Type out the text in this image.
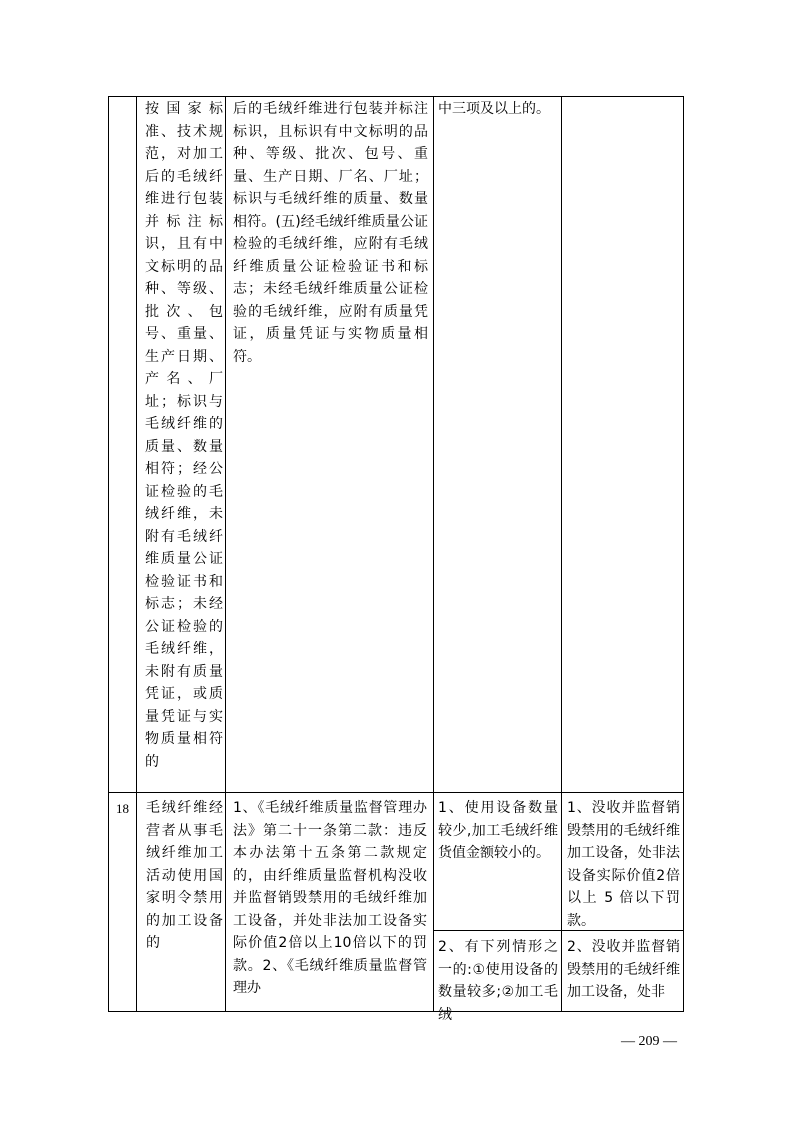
按国家标准、技术规范，对加工后的毛绒纤维进行包装并标注标识，且有中文标明的品种、等级、批次、包号、重量、生产日期、产名、厂址；标识与毛绒纤维的质量、数量相符；经公证检验的毛绒纤维，未附有毛绒纤维质量公证检验证书和标志；未经公证检验的毛绒纤维，未附有质量凭证，或质量凭证与实物质量相符的
后的毛绒纤维进行包装并标注标识，且标识有中文标明的品种、等级、批次、包号、重量、生产日期、厂名、厂址；标识与毛绒纤维的质量、数量相符。(五)经毛绒纤维质量公证检验的毛绒纤维，应附有毛绒纤维质量公证检验证书和标志；未经毛绒纤维质量公证检验的毛绒纤维，应附有质量凭证，质量凭证与实物质量相符。
中三项及以上的。
18	毛绒纤维经营者从事毛绒纤维加工活动使用国家明令禁用的加工设备的
1、《毛绒纤维质量监督管理办法》第二十一条第二款：违反本办法第十五条第二款规定的，由纤维质量监督机构没收并监督销毁禁用的毛绒纤维加工设备，并处非法加工设备实际价值2倍以上10倍以下的罚款。2、《毛绒纤维质量监督管理办
1、使用设备数量较少,加工毛绒纤维货值金额较小的。
1、没收并监督销毁禁用的毛绒纤维加工设备，处非法设备实际价值2倍以上 5 倍以下罚款。
2、有下列情形之一的:①使用设备的数量较多;②加工毛绒
2、没收并监督销毁禁用的毛绒纤维加工设备，处非
— 209 —
